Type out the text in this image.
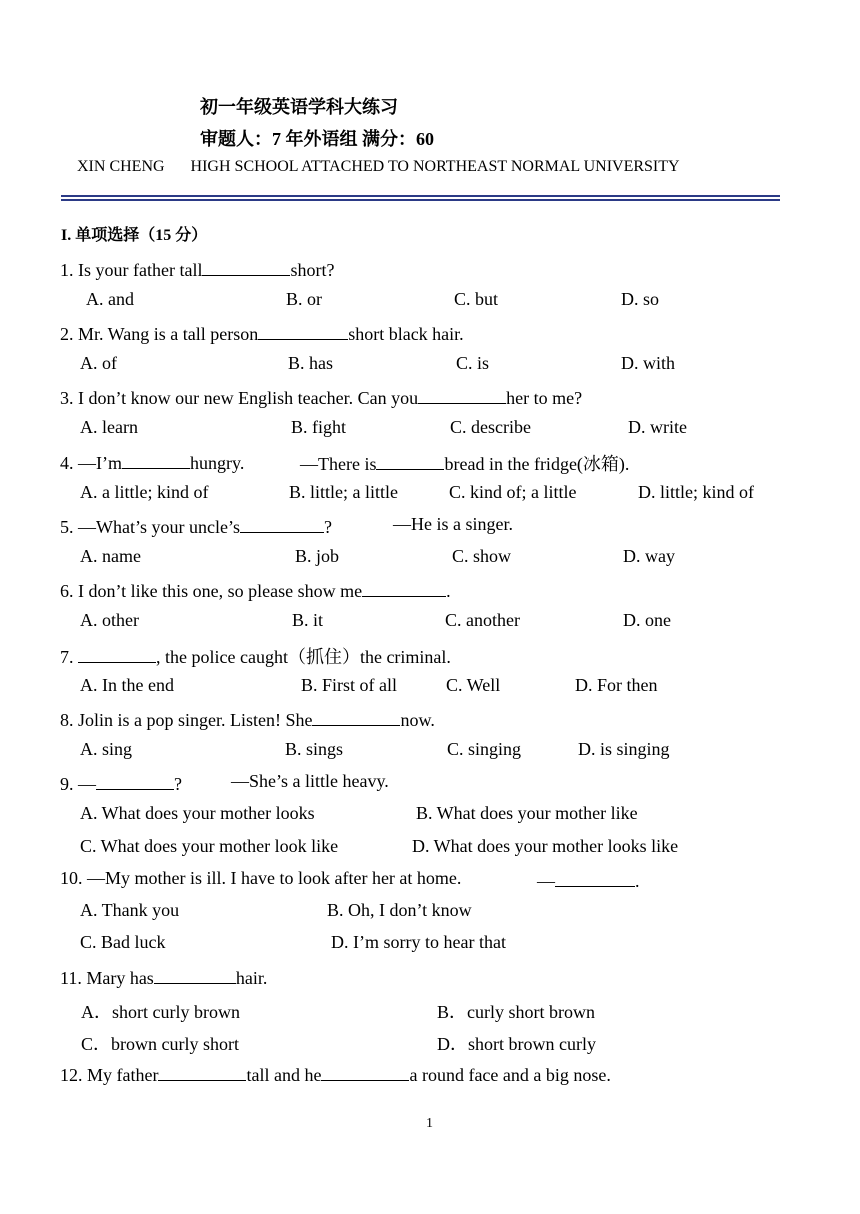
初一年级英语学科大练习
审题人：7 年外语组 满分：60
XIN CHENG HIGH SCHOOL ATTACHED TO NORTHEAST NORMAL UNIVERSITY
I. 单项选择（15 分）
1. Is your father tall	short?
A. and	B. or	C. but	D. so
2. Mr. Wang is a tall person	short black hair.
A. of	B. has	C. is	D. with
3. I don’t know our new English teacher. Can you	her to me?
A. learn	B. fight	C. describe	D. write
4. —I’m	hungry.	—There is	bread in the fridge(冰箱).
A. a little; kind of	B. little; a little	C. kind of; a little	D. little; kind of
5. —What’s your uncle’s	?	—He is a singer.
A. name	B. job	C. show	D. way
6. I don’t like this one, so please show me	.
A. other	B. it	C. another	D. one
7.	, the police caught（抓住）the criminal.
A. In the end	B. First of all	C. Well	D. For then
8. Jolin is a pop singer. Listen! She	now.
A. sing	B. sings	C. singing	D. is singing
9. —	?	—She’s a little heavy.
A. What does your mother looks	B. What does your mother like
C. What does your mother look like	D. What does your mother looks like
10. —My mother is ill. I have to look after her at home.	—	.
A. Thank you	B. Oh, I don’t know
C. Bad luck	D. I’m sorry to hear that
11. Mary has	hair.
A．short curly brown	B．curly short brown
C．brown curly short	D．short brown curly
12. My father	tall and he	a round face and a big nose.
1
